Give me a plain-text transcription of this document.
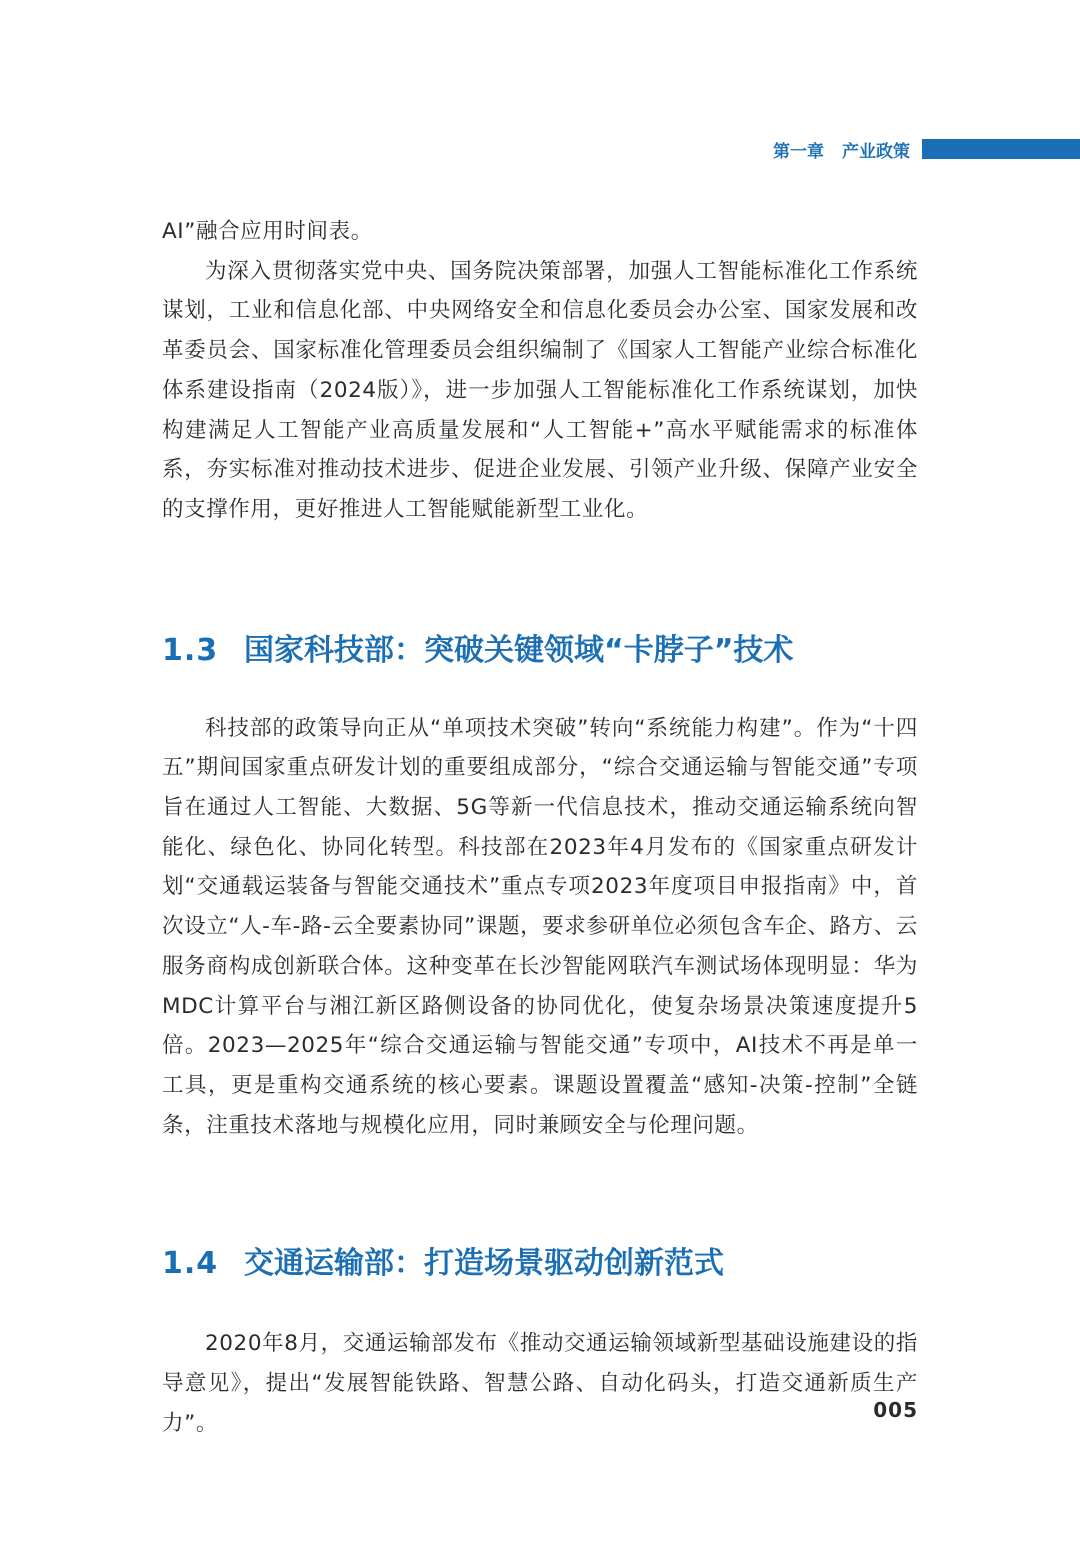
第一章 产业政策

AI”融合应用时间表。

为深入贯彻落实党中央、国务院决策部署，加强人工智能标准化工作系统谋划，工业和信息化部、中央网络安全和信息化委员会办公室、国家发展和改革委员会、国家标准化管理委员会组织编制了《国家人工智能产业综合标准化体系建设指南（2024版）》，进一步加强人工智能标准化工作系统谋划，加快构建满足人工智能产业高质量发展和“人工智能+”高水平赋能需求的标准体系，夯实标准对推动技术进步、促进企业发展、引领产业升级、保障产业安全的支撑作用，更好推进人工智能赋能新型工业化。

1.3 国家科技部：突破关键领域“卡脖子”技术

科技部的政策导向正从“单项技术突破”转向“系统能力构建”。作为“十四五”期间国家重点研发计划的重要组成部分，“综合交通运输与智能交通”专项旨在通过人工智能、大数据、5G等新一代信息技术，推动交通运输系统向智能化、绿色化、协同化转型。科技部在2023年4月发布的《国家重点研发计划“交通载运装备与智能交通技术”重点专项2023年度项目申报指南》中，首次设立“人-车-路-云全要素协同”课题，要求参研单位必须包含车企、路方、云服务商构成创新联合体。这种变革在长沙智能网联汽车测试场体现明显：华为MDC计算平台与湘江新区路侧设备的协同优化，使复杂场景决策速度提升5倍。2023—2025年“综合交通运输与智能交通”专项中，AI技术不再是单一工具，更是重构交通系统的核心要素。课题设置覆盖“感知-决策-控制”全链条，注重技术落地与规模化应用，同时兼顾安全与伦理问题。

1.4 交通运输部：打造场景驱动创新范式

2020年8月，交通运输部发布《推动交通运输领域新型基础设施建设的指导意见》，提出“发展智能铁路、智慧公路、自动化码头，打造交通新质生产力”。

005
